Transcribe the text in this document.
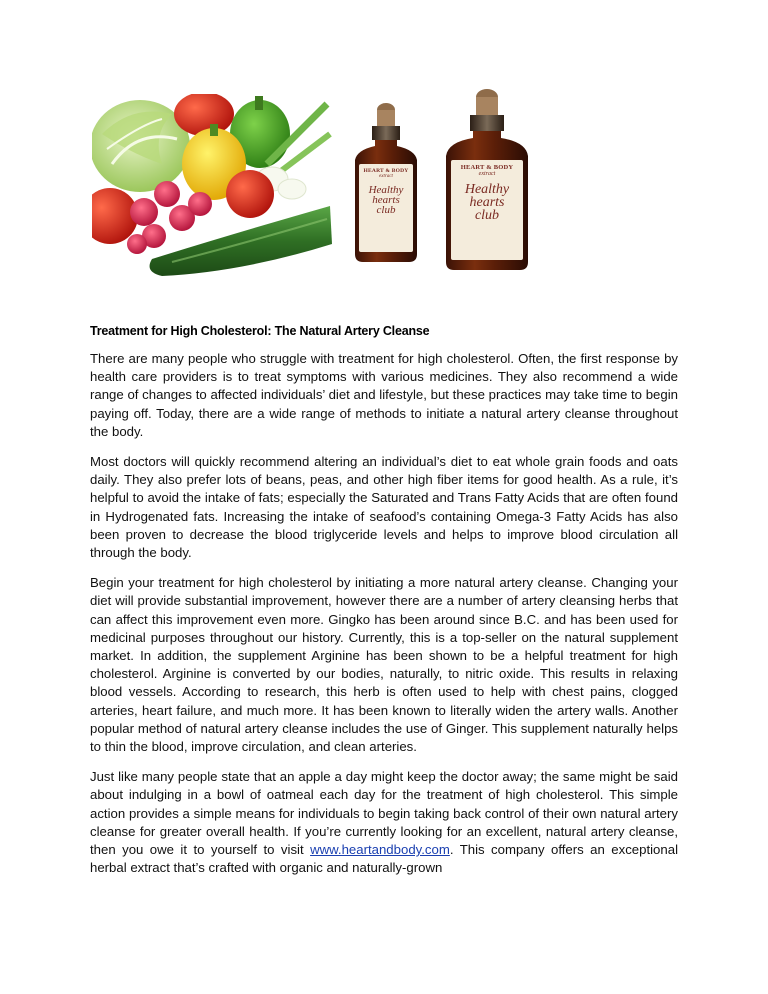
HEART & BODY
extract
Healthy
hearts
club
HEART & BODY
extract
Healthy
hearts
club
Treatment for High Cholesterol: The Natural Artery Cleanse

There are many people who struggle with treatment for high cholesterol. Often, the first response by health care providers is to treat symptoms with various medicines. They also recommend a wide range of changes to affected individuals’ diet and lifestyle, but these practices may take time to begin paying off. Today, there are a wide range of methods to initiate a natural artery cleanse throughout the body.

Most doctors will quickly recommend altering an individual’s diet to eat whole grain foods and oats daily. They also prefer lots of beans, peas, and other high fiber items for good health. As a rule, it’s helpful to avoid the intake of fats; especially the Saturated and Trans Fatty Acids that are often found in Hydrogenated fats. Increasing the intake of seafood’s containing Omega-3 Fatty Acids has also been proven to decrease the blood triglyceride levels and helps to improve blood circulation all through the body.

Begin your treatment for high cholesterol by initiating a more natural artery cleanse. Changing your diet will provide substantial improvement, however there are a number of artery cleansing herbs that can affect this improvement even more. Gingko has been around since B.C. and has been used for medicinal purposes throughout our history. Currently, this is a top-seller on the natural supplement market. In addition, the supplement Arginine has been shown to be a helpful treatment for high cholesterol. Arginine is converted by our bodies, naturally, to nitric oxide. This results in relaxing blood vessels. According to research, this herb is often used to help with chest pains, clogged arteries, heart failure, and much more. It has been known to literally widen the artery walls. Another popular method of natural artery cleanse includes the use of Ginger. This supplement naturally helps to thin the blood, improve circulation, and clean arteries.

Just like many people state that an apple a day might keep the doctor away; the same might be said about indulging in a bowl of oatmeal each day for the treatment of high cholesterol. This simple action provides a simple means for individuals to begin taking back control of their own natural artery cleanse for greater overall health. If you’re currently looking for an excellent, natural artery cleanse, then you owe it to yourself to visit www.heartandbody.com. This company offers an exceptional herbal extract that’s crafted with organic and naturally-grown
